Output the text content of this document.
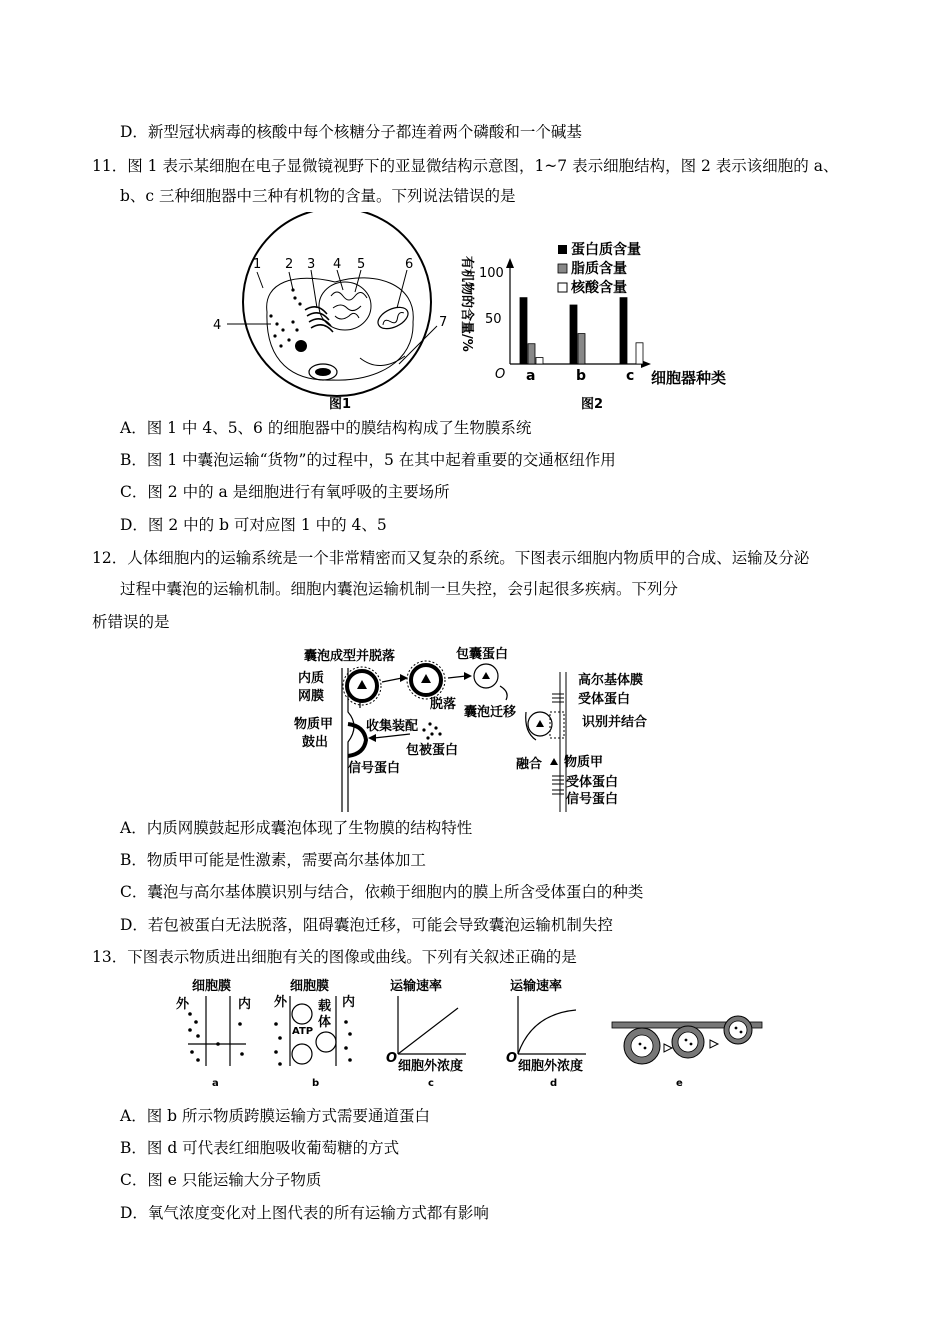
D．新型冠状病毒的核酸中每个核糖分子都连着两个磷酸和一个碱基
11．图 1 表示某细胞在电子显微镜视野下的亚显微结构示意图，1~7 表示细胞结构，图 2 表示该细胞的 a、
b、c 三种细胞器中三种有机物的含量。下列说法错误的是
1 2 3 4 5	6
4	7
图1
有机物的含量/%
O
100
50
a	b	c 细胞器种类
图2
蛋白质含量
脂质含量
核酸含量
A．图 1 中 4、5、6 的细胞器中的膜结构构成了生物膜系统
B．图 1 中囊泡运输“货物”的过程中，5 在其中起着重要的交通枢纽作用
C．图 2 中的 a 是细胞进行有氧呼吸的主要场所
D．图 2 中的 b 可对应图 1 中的 4、5
12．人体细胞内的运输系统是一个非常精密而又复杂的系统。下图表示细胞内物质甲的合成、运输及分泌
过程中囊泡的运输机制。细胞内囊泡运输机制一旦失控，会引起很多疾病。下列分
析错误的是
囊泡成型并脱落	包囊蛋白
内质
网膜
高尔基体膜
受体蛋白
脱落
囊泡迁移
识别并结合
收集装配
物质甲
鼓出
包被蛋白
融合 物质甲
受体蛋白
信号蛋白
信号蛋白
A．内质网膜鼓起形成囊泡体现了生物膜的结构特性
B．物质甲可能是性激素，需要高尔基体加工
C．囊泡与高尔基体膜识别与结合，依赖于细胞内的膜上所含受体蛋白的种类
D．若包被蛋白无法脱落，阻碍囊泡迁移，可能会导致囊泡运输机制失控
13．下图表示物质进出细胞有关的图像或曲线。下列有关叙述正确的是
细胞膜
外	内
细胞膜
外	内
载
体
ATP
运输速率
O
细胞外浓度
运输速率
O
细胞外浓度
a	b	c	d	e
A．图 b 所示物质跨膜运输方式需要通道蛋白
B．图 d 可代表红细胞吸收葡萄糖的方式
C．图 e 只能运输大分子物质
D．氧气浓度变化对上图代表的所有运输方式都有影响
